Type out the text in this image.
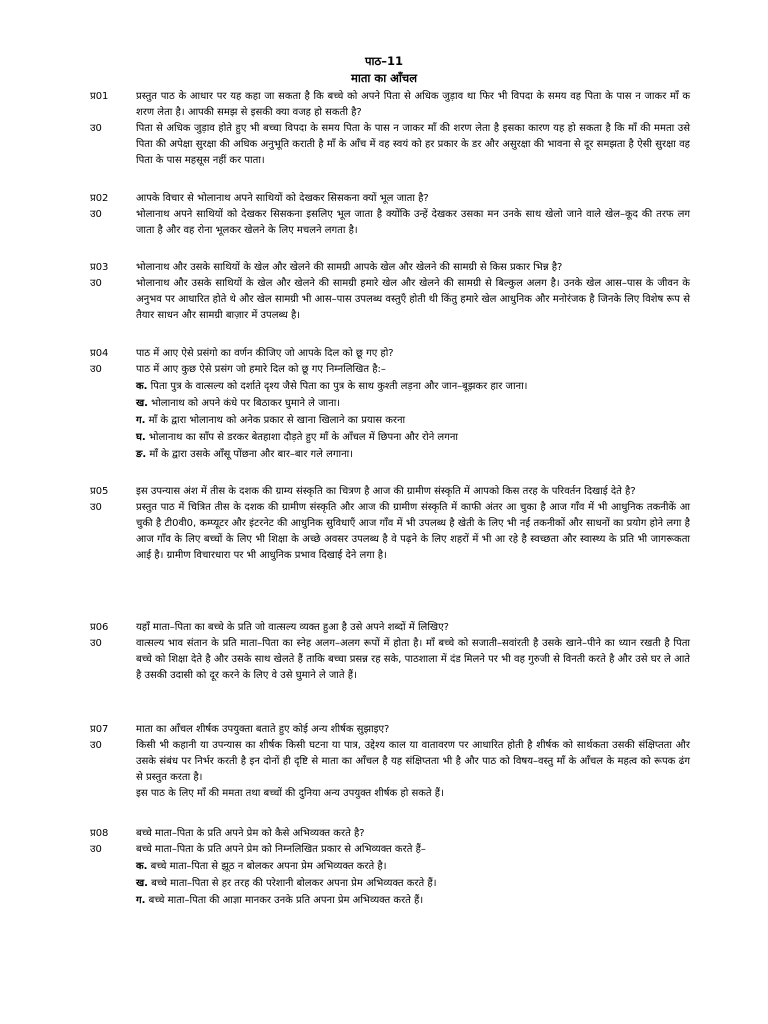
पाठ–11
माता का आँचल
प्र01	प्रस्तुत पाठ के आधार पर यह कहा जा सकता है कि बच्चे को अपने पिता से अधिक जुड़ाव था फिर भी विपदा के समय वह पिता के पास न जाकर माँ क शरण लेता है। आपकी समझ से इसकी क्या वजह हो सकती है?
उ0	पिता से अधिक जुड़ाव होते हुए भी बच्चा विपदा के समय पिता के पास न जाकर माँ की शरण लेता है इसका कारण यह हो सकता है कि माँ की ममता उसे पिता की अपेक्षा सुरक्षा की अधिक अनुभूति कराती है माँ के आँच में वह स्वयं को हर प्रकार के डर और असुरक्षा की भावना से दूर समझता है ऐसी सुरक्षा वह पिता के पास महसूस नहीं कर पाता।
प्र02	आपके विचार से भोलानाथ अपने साथियों को देखकर सिसकना क्यों भूल जाता है?
उ0	भोलानाथ अपने साथियों को देखकर सिसकना इसलिए भूल जाता है क्योंकि उन्हें देखकर उसका मन उनके साथ खेलो जाने वाले खेल–कूद की तरफ लग जाता है और वह रोना भूलकर खेलने के लिए मचलने लगता है।
प्र03	भोलानाथ और उसके साथियों के खेल और खेलने की सामग्री आपके खेल और खेलने की सामग्री से किस प्रकार भिन्न है?
उ0	भोलानाथ और उसके साथियों के खेल और खेलने की सामग्री हमारे खेल और खेलने की सामग्री से बिल्कुल अलग है। उनके खेल आस–पास के जीवन के अनुभव पर आधारित होते थे और खेल सामग्री भी आस–पास उपलब्ध वस्तुएँ होती थी किंतु हमारे खेल आधुनिक और मनोरंजक है जिनके लिए विशेष रूप से तैयार साधन और सामग्री बाज़ार में उपलब्ध है।
प्र04	पाठ में आए ऐसे प्रसंगो का वर्णन कीजिए जो आपके दिल को छू गए हो?
उ0	पाठ में आए कुछ ऐसे प्रसंग जो हमारे दिल को छू गए निम्नलिखित है:–
क. पिता पुत्र के वात्सल्य को दर्शाते दृश्य जैसे पिता का पुत्र के साथ कुश्ती लड़ना और जान–बूझकर हार जाना।
ख. भोलानाथ को अपने कंधे पर बिठाकर घुमाने ले जाना।
ग. माँ के द्वारा भोलानाथ को अनेक प्रकार से खाना खिलाने का प्रयास करना
घ. भोलानाथ का साँप से डरकर बेतहाशा दौड़ते हुए माँ के आँचल में छिपना और रोने लगना
ङ. माँ के द्वारा उसके आँसू पोंछना और बार–बार गले लगाना।
प्र05	इस उपन्यास अंश में तीस के दशक की ग्राम्य संस्कृति का चित्रण है आज की ग्रामीण संस्कृति में आपको किस तरह के परिवर्तन दिखाई देते है?
उ0	प्रस्तुत पाठ में चित्रित तीस के दशक की ग्रामीण संस्कृति और आज की ग्रामीण संस्कृति में काफी अंतर आ चुका है आज गाँव में भी आधुनिक तकनीकें आ चुकी है टी0वी0, कम्प्यूटर और इंटरनेट की आधुनिक सुविधाएँ आज गाँव में भी उपलब्ध है खेती के लिए भी नई तकनीकों और साधनों का प्रयोग होने लगा है आज गाँव के लिए बच्चों के लिए भी शिक्षा के अच्छे अवसर उपलब्ध है वे पढ़ने के लिए शहरों में भी आ रहे है स्वच्छता और स्वास्थ्य के प्रति भी जागरूकता आई है। ग्रामीण विचारधारा पर भी आधुनिक प्रभाव दिखाई देने लगा है।
प्र06	यहाँ माता–पिता का बच्चे के प्रति जो वात्सल्य व्यक्त हुआ है उसे अपने शब्दों में लिखिए?
उ0	वात्सल्य भाव संतान के प्रति माता–पिता का स्नेह अलग–अलग रूपों में होता है। माँ बच्चे को सजाती–सवांरती है उसके खाने–पीने का ध्यान रखती है पिता बच्चे को शिक्षा देते है और उसके साथ खेलते हैं ताकि बच्चा प्रसन्न रह सके, पाठशाला में दंड मिलने पर भी वह गुरुजी से विनती करते है और उसे घर ले आते है उसकी उदासी को दूर करने के लिए वे उसे घुमाने ले जाते हैं।
प्र07	माता का आँचल शीर्षक उपयुक्ता बताते हुए कोई अन्य शीर्षक सुझाइए?
उ0	किसी भी कहानी या उपन्यास का शीर्षक किसी घटना या पात्र, उद्देश्य काल या वातावरण पर आधारित होती है शीर्षक को सार्थकता उसकी संक्षिप्तता और उसके संबंध पर निर्भर करती है इन दोनों ही दृष्टि से माता का आँचल है यह संक्षिप्तता भी है और पाठ को विषय–वस्तु माँ के आँचल के महत्व को रूपक ढंग से प्रस्तुत करता है।
इस पाठ के लिए माँ की ममता तथा बच्चों की दुनिया अन्य उपयुक्त शीर्षक हो सकते हैं।
प्र08	बच्चे माता–पिता के प्रति अपने प्रेम को कैसे अभिव्यक्त करते है?
उ0	बच्चे माता–पिता के प्रति अपने प्रेम को निम्नलिखित प्रकार से अभिव्यक्त करते हैं–
क. बच्चे माता–पिता से झूठ न बोलकर अपना प्रेम अभिव्यक्त करते है।
ख. बच्चे माता–पिता से हर तरह की परेशानी बोलकर अपना प्रेम अभिव्यक्त करते हैं।
ग. बच्चे माता–पिता की आज्ञा मानकर उनके प्रति अपना प्रेम अभिव्यक्त करते हैं।
